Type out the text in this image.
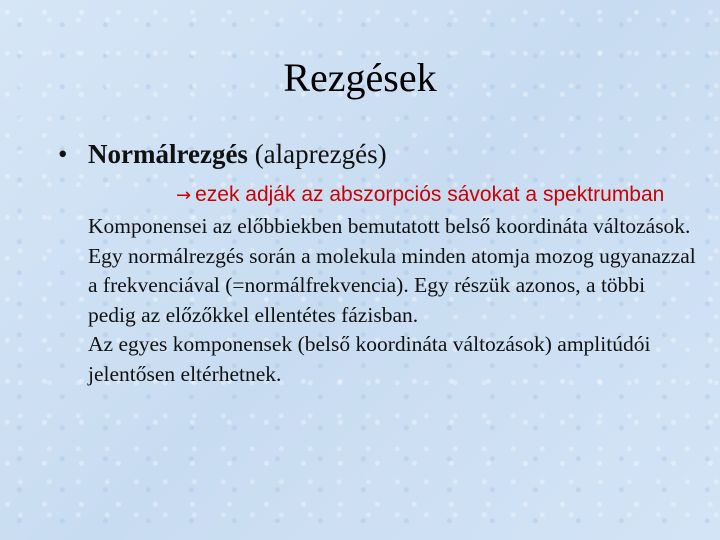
Rezgések
• Normálrezgés (alaprezgés)
→ ezek adják az abszorpciós sávokat a spektrumban

Komponensei az előbbiekben bemutatott belső koordináta változások.

Egy normálrezgés során a molekula minden atomja mozog ugyanazzal a frekvenciával (=normálfrekvencia). Egy részük azonos, a többi pedig az előzőkkel ellentétes fázisban.

Az egyes komponensek (belső koordináta változások) amplitúdói jelentősen eltérhetnek.
